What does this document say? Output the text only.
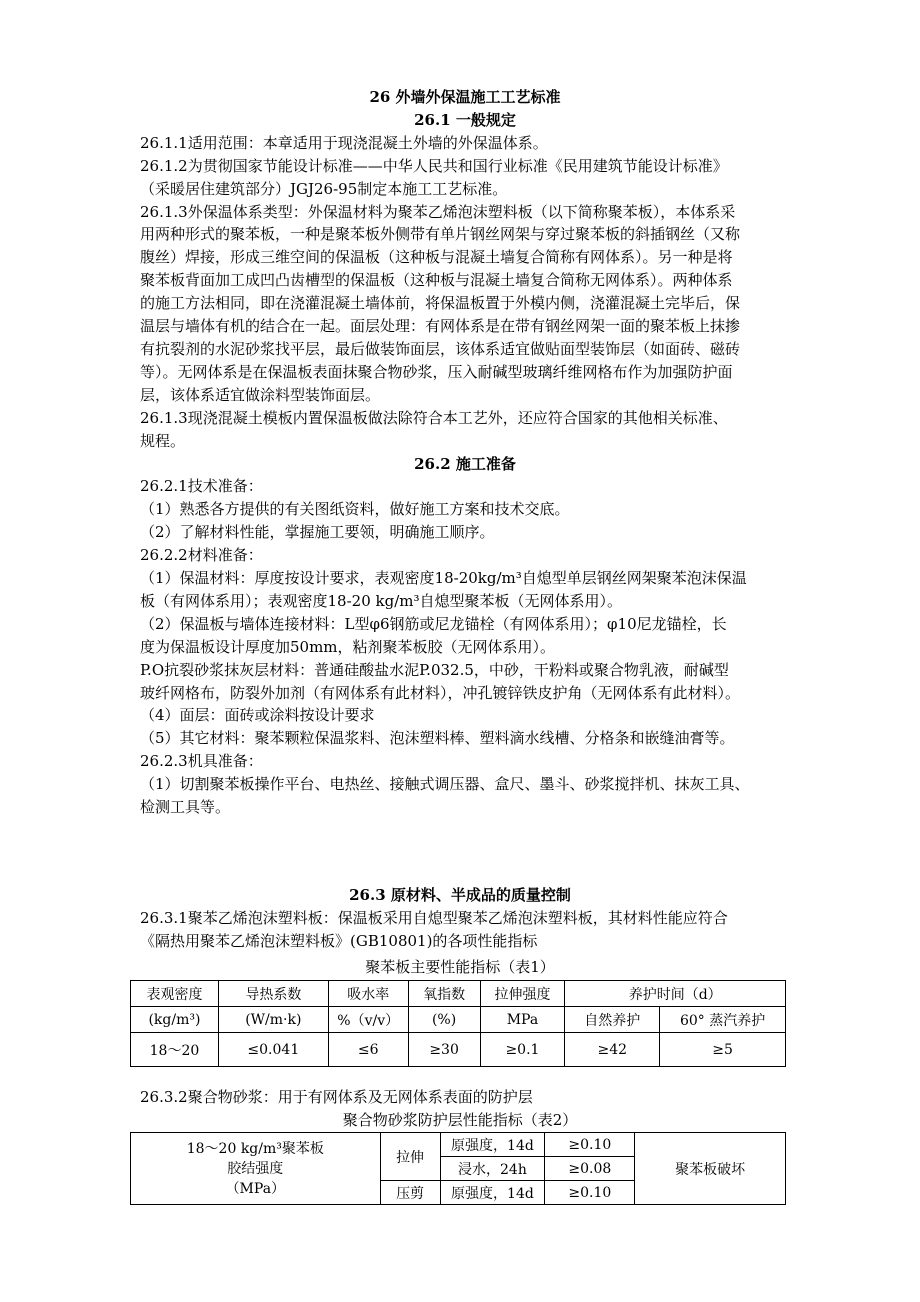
26 外墙外保温施工工艺标准
26.1 一般规定
26.1.1适用范围：本章适用于现浇混凝土外墙的外保温体系。
26.1.2为贯彻国家节能设计标准——中华人民共和国行业标准《民用建筑节能设计标准》
（采暖居住建筑部分）JGJ26-95制定本施工工艺标准。
26.1.3外保温体系类型：外保温材料为聚苯乙烯泡沫塑料板（以下简称聚苯板），本体系采
用两种形式的聚苯板，一种是聚苯板外侧带有单片钢丝网架与穿过聚苯板的斜插钢丝（又称
腹丝）焊接，形成三维空间的保温板（这种板与混凝土墙复合简称有网体系）。另一种是将
聚苯板背面加工成凹凸齿槽型的保温板（这种板与混凝土墙复合简称无网体系）。两种体系
的施工方法相同，即在浇灌混凝土墙体前，将保温板置于外模内侧，浇灌混凝土完毕后，保
温层与墙体有机的结合在一起。面层处理：有网体系是在带有钢丝网架一面的聚苯板上抹掺
有抗裂剂的水泥砂浆找平层，最后做装饰面层，该体系适宜做贴面型装饰层（如面砖、磁砖
等）。无网体系是在保温板表面抹聚合物砂浆，压入耐碱型玻璃纤维网格布作为加强防护面
层，该体系适宜做涂料型装饰面层。
26.1.3现浇混凝土模板内置保温板做法除符合本工艺外，还应符合国家的其他相关标准、
规程。
26.2 施工准备
26.2.1技术准备：
（1）熟悉各方提供的有关图纸资料，做好施工方案和技术交底。
（2）了解材料性能，掌握施工要领，明确施工顺序。
26.2.2材料准备：
（1）保温材料：厚度按设计要求，表观密度18-20kg/m³自熄型单层钢丝网架聚苯泡沫保温
板（有网体系用）；表观密度18-20 kg/m³自熄型聚苯板（无网体系用）。
（2）保温板与墙体连接材料：L型φ6钢筋或尼龙锚栓（有网体系用）；φ10尼龙锚栓，长
度为保温板设计厚度加50mm，粘剂聚苯板胶（无网体系用）。
P.O抗裂砂浆抹灰层材料：普通硅酸盐水泥P.032.5，中砂，干粉料或聚合物乳液，耐碱型
玻纤网格布，防裂外加剂（有网体系有此材料），冲孔镀锌铁皮护角（无网体系有此材料）。
（4）面层：面砖或涂料按设计要求
（5）其它材料：聚苯颗粒保温浆料、泡沫塑料棒、塑料滴水线槽、分格条和嵌缝油膏等。
26.2.3机具准备：
（1）切割聚苯板操作平台、电热丝、接触式调压器、盒尺、墨斗、砂浆搅拌机、抹灰工具、
检测工具等。
26.3 原材料、半成品的质量控制
26.3.1聚苯乙烯泡沫塑料板：保温板采用自熄型聚苯乙烯泡沫塑料板，其材料性能应符合
《隔热用聚苯乙烯泡沫塑料板》(GB10801)的各项性能指标
聚苯板主要性能指标（表1）
表观密度	导热系数	吸水率	氧指数	拉伸强度	养护时间（d）	
(kg/m³)	(W/m·k)	%（v/v）	(%)	MPa	自然养护	60° 蒸汽养护
18～20	≤0.041	≤6	≥30	≥0.1	≥42	≥5
26.3.2聚合物砂浆：用于有网体系及无网体系表面的防护层
聚合物砂浆防护层性能指标（表2）
18～20 kg/m³聚苯板
胶结强度
（MPa）	拉伸	原强度，14d	≥0.10	聚苯板破坏
		浸水，24h	≥0.08	
	压剪	原强度，14d	≥0.10	
